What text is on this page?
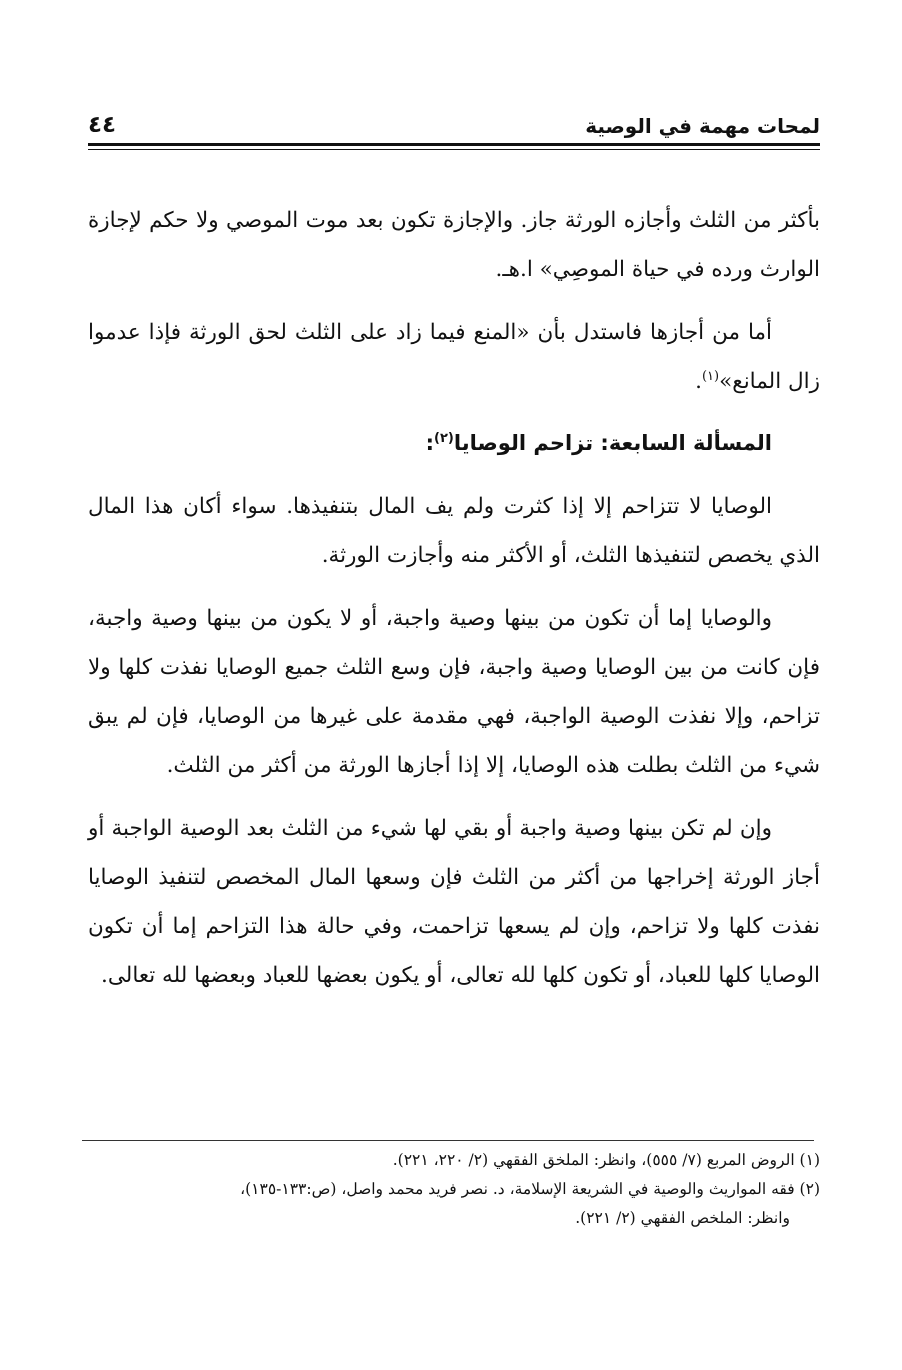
لمحات مهمة في الوصية
٤٤

بأكثر من الثلث وأجازه الورثة جاز. والإجازة تكون بعد موت الموصي ولا حكم لإجازة الوارث ورده في حياة الموصِي» ا.هـ.

أما من أجازها فاستدل بأن «المنع فيما زاد على الثلث لحق الورثة فإذا عدموا زال المانع»$^{(١)}$.

المسألة السابعة: تزاحم الوصايا$^{(٢)}$:

الوصايا لا تتزاحم إلا إذا كثرت ولم يف المال بتنفيذها. سواء أكان هذا المال الذي يخصص لتنفيذها الثلث، أو الأكثر منه وأجازت الورثة.

والوصايا إما أن تكون من بينها وصية واجبة، أو لا يكون من بينها وصية واجبة، فإن كانت من بين الوصايا وصية واجبة، فإن وسع الثلث جميع الوصايا نفذت كلها ولا تزاحم، وإلا نفذت الوصية الواجبة، فهي مقدمة على غيرها من الوصايا، فإن لم يبق شيء من الثلث بطلت هذه الوصايا، إلا إذا أجازها الورثة من أكثر من الثلث.

وإن لم تكن بينها وصية واجبة أو بقي لها شيء من الثلث بعد الوصية الواجبة أو أجاز الورثة إخراجها من أكثر من الثلث فإن وسعها المال المخصص لتنفيذ الوصايا نفذت كلها ولا تزاحم، وإن لم يسعها تزاحمت، وفي حالة هذا التزاحم إما أن تكون الوصايا كلها للعباد، أو تكون كلها لله تعالى، أو يكون بعضها للعباد وبعضها لله تعالى.

(١) الروض المربع (٧/ ٥٥٥)، وانظر: الملخق الفقهي (٢/ ٢٢٠، ٢٢١).

(٢) فقه المواريث والوصية في الشريعة الإسلامة، د. نصر فريد محمد واصل، (ص:١٣٣-١٣٥)،

وانظر: الملخص الفقهي (٢/ ٢٢١).
